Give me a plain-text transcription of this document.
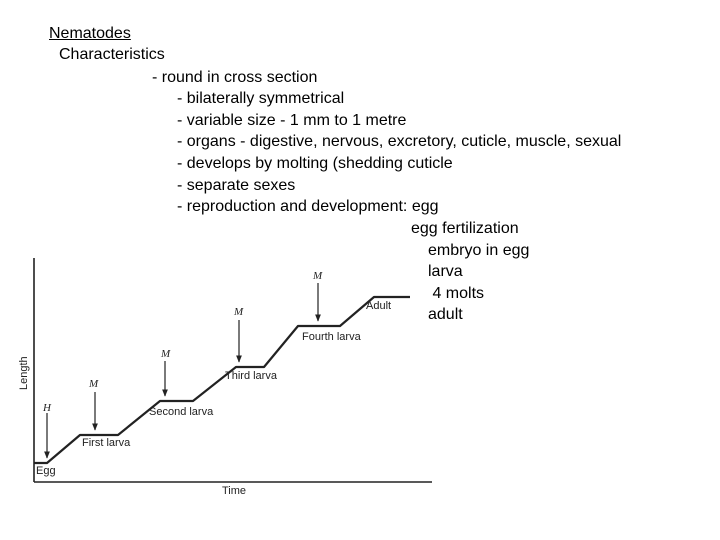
Nematodes
Characteristics
- round in cross section
- bilaterally symmetrical
- variable size - 1 mm to 1 metre
- organs - digestive, nervous, excretory, cuticle, muscle, sexual
- develops by molting (shedding cuticle
- separate sexes
- reproduction and development: egg
egg fertilization
embryo in egg
larva
4 molts
adult
H
M
M
M
M
Egg
First larva
Second larva
Third larva
Fourth larva
Adult
Time
Length
